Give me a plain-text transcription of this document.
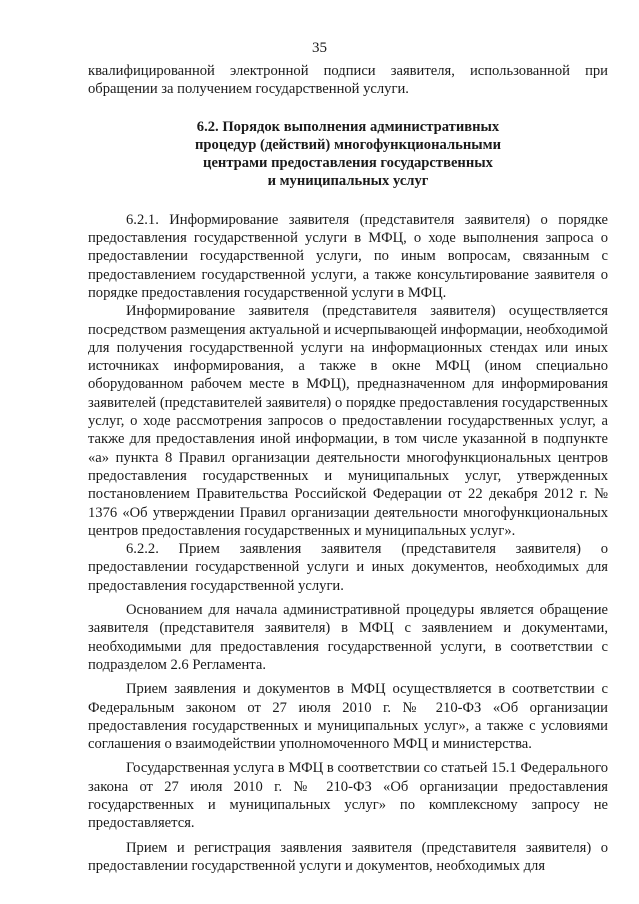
35

квалифицированной электронной подписи заявителя, использованной при обращении за получением государственной услуги.

6.2. Порядок выполнения административных
процедур (действий) многофункциональными
центрами предоставления государственных
и муниципальных услуг

6.2.1. Информирование заявителя (представителя заявителя) о порядке предоставления государственной услуги в МФЦ, о ходе выполнения запроса о предоставлении государственной услуги, по иным вопросам, связанным с предоставлением государственной услуги, а также консультирование заявителя о порядке предоставления государственной услуги в МФЦ.

Информирование заявителя (представителя заявителя) осуществляется посредством размещения актуальной и исчерпывающей информации, необходимой для получения государственной услуги на информационных стендах или иных источниках информирования, а также в окне МФЦ (ином специально оборудованном рабочем месте в МФЦ), предназначенном для информирования заявителей (представителей заявителя) о порядке предоставления государственных услуг, о ходе рассмотрения запросов о предоставлении государственных услуг, а также для предоставления иной информации, в том числе указанной в подпункте «а» пункта 8 Правил организации деятельности многофункциональных центров предоставления государственных и муниципальных услуг, утвержденных постановлением Правительства Российской Федерации от 22 декабря 2012 г. № 1376 «Об утверждении Правил организации деятельности многофункциональных центров предоставления государственных и муниципальных услуг».

6.2.2. Прием заявления заявителя (представителя заявителя) о предоставлении государственной услуги и иных документов, необходимых для предоставления государственной услуги.

Основанием для начала административной процедуры является обращение заявителя (представителя заявителя) в МФЦ с заявлением и документами, необходимыми для предоставления государственной услуги, в соответствии с подразделом 2.6 Регламента.

Прием заявления и документов в МФЦ осуществляется в соответствии с Федеральным законом от 27 июля 2010 г. № 210-ФЗ «Об организации предоставления государственных и муниципальных услуг», а также с условиями соглашения о взаимодействии уполномоченного МФЦ и министерства.

Государственная услуга в МФЦ в соответствии со статьей 15.1 Федерального закона от 27 июля 2010 г. № 210-ФЗ «Об организации предоставления государственных и муниципальных услуг» по комплексному запросу не предоставляется.

Прием и регистрация заявления заявителя (представителя заявителя) о предоставлении государственной услуги и документов, необходимых для
